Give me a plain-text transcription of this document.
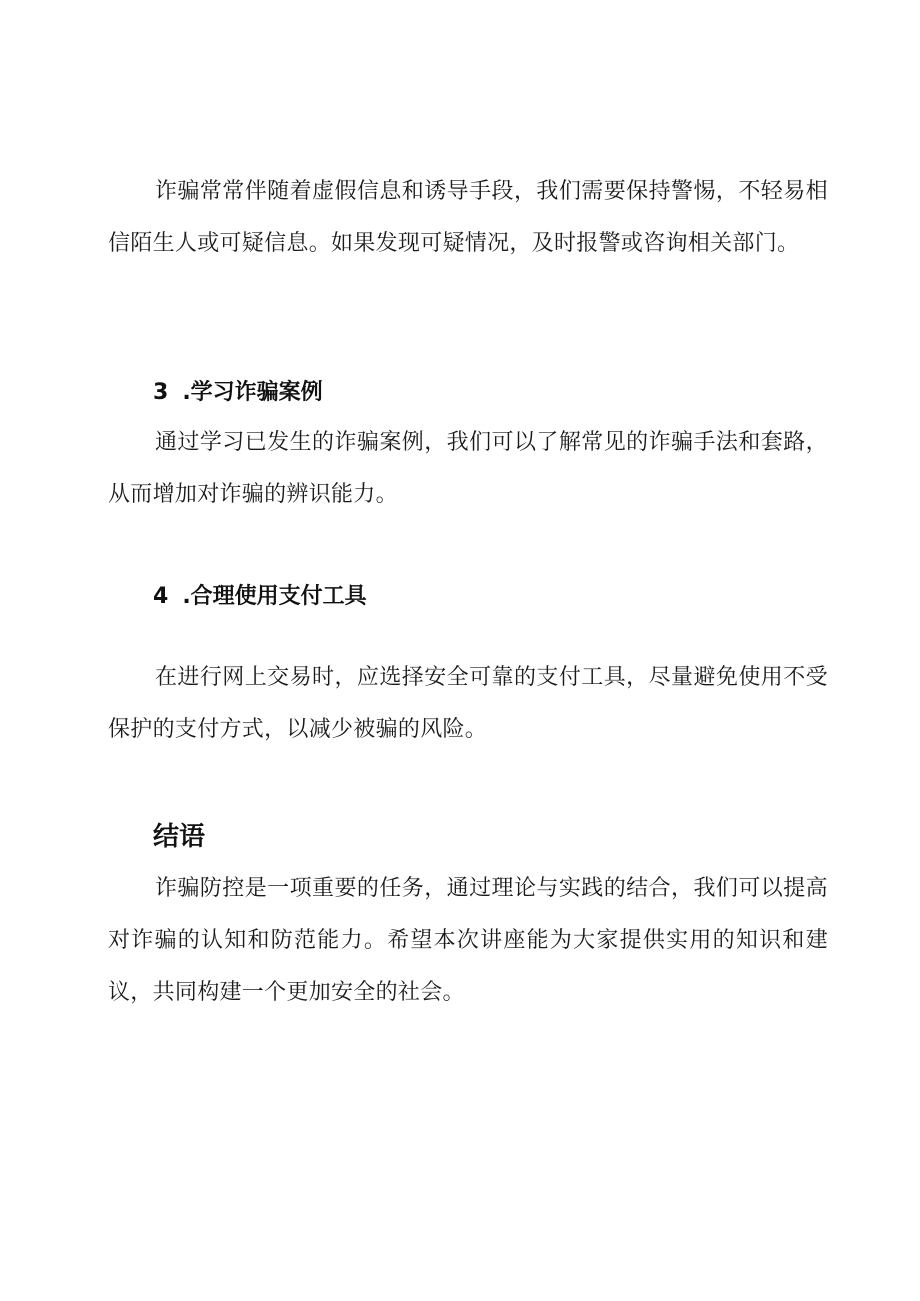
诈骗常常伴随着虚假信息和诱导手段，我们需要保持警惕，不轻易相信陌生人或可疑信息。如果发现可疑情况，及时报警或咨询相关部门。

3 .学习诈骗案例

通过学习已发生的诈骗案例，我们可以了解常见的诈骗手法和套路，从而增加对诈骗的辨识能力。

4 .合理使用支付工具

在进行网上交易时，应选择安全可靠的支付工具，尽量避免使用不受保护的支付方式，以减少被骗的风险。

结语

诈骗防控是一项重要的任务，通过理论与实践的结合，我们可以提高对诈骗的认知和防范能力。希望本次讲座能为大家提供实用的知识和建议，共同构建一个更加安全的社会。
